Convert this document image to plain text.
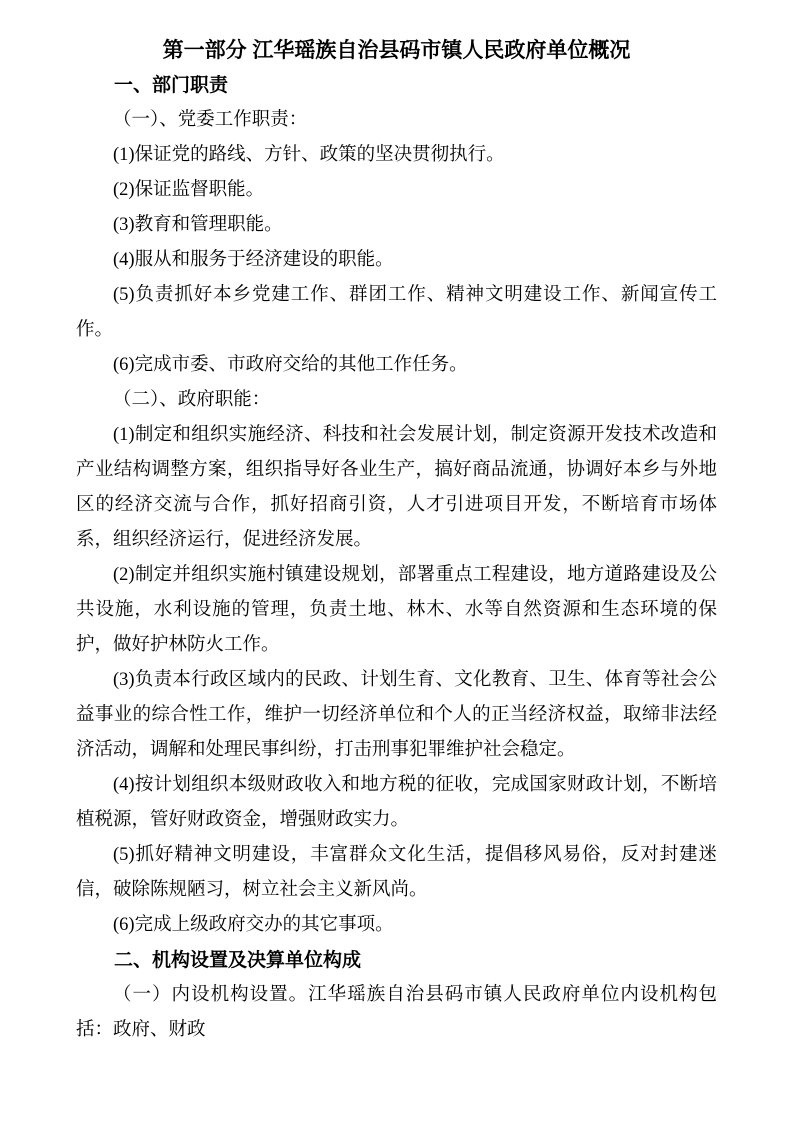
第一部分 江华瑶族自治县码市镇人民政府单位概况

一、部门职责

（一）、党委工作职责：

(1)保证党的路线、方针、政策的坚决贯彻执行。

(2)保证监督职能。

(3)教育和管理职能。

(4)服从和服务于经济建设的职能。

(5)负责抓好本乡党建工作、群团工作、精神文明建设工作、新闻宣传工作。

(6)完成市委、市政府交给的其他工作任务。

（二）、政府职能：

(1)制定和组织实施经济、科技和社会发展计划，制定资源开发技术改造和产业结构调整方案，组织指导好各业生产，搞好商品流通，协调好本乡与外地区的经济交流与合作，抓好招商引资，人才引进项目开发，不断培育市场体系，组织经济运行，促进经济发展。

(2)制定并组织实施村镇建设规划，部署重点工程建设，地方道路建设及公共设施，水利设施的管理，负责土地、林木、水等自然资源和生态环境的保护，做好护林防火工作。

(3)负责本行政区域内的民政、计划生育、文化教育、卫生、体育等社会公益事业的综合性工作，维护一切经济单位和个人的正当经济权益，取缔非法经济活动，调解和处理民事纠纷，打击刑事犯罪维护社会稳定。

(4)按计划组织本级财政收入和地方税的征收，完成国家财政计划，不断培植税源，管好财政资金，增强财政实力。

(5)抓好精神文明建设，丰富群众文化生活，提倡移风易俗，反对封建迷信，破除陈规陋习，树立社会主义新风尚。

(6)完成上级政府交办的其它事项。

二、机构设置及决算单位构成

（一）内设机构设置。江华瑶族自治县码市镇人民政府单位内设机构包括：政府、财政
